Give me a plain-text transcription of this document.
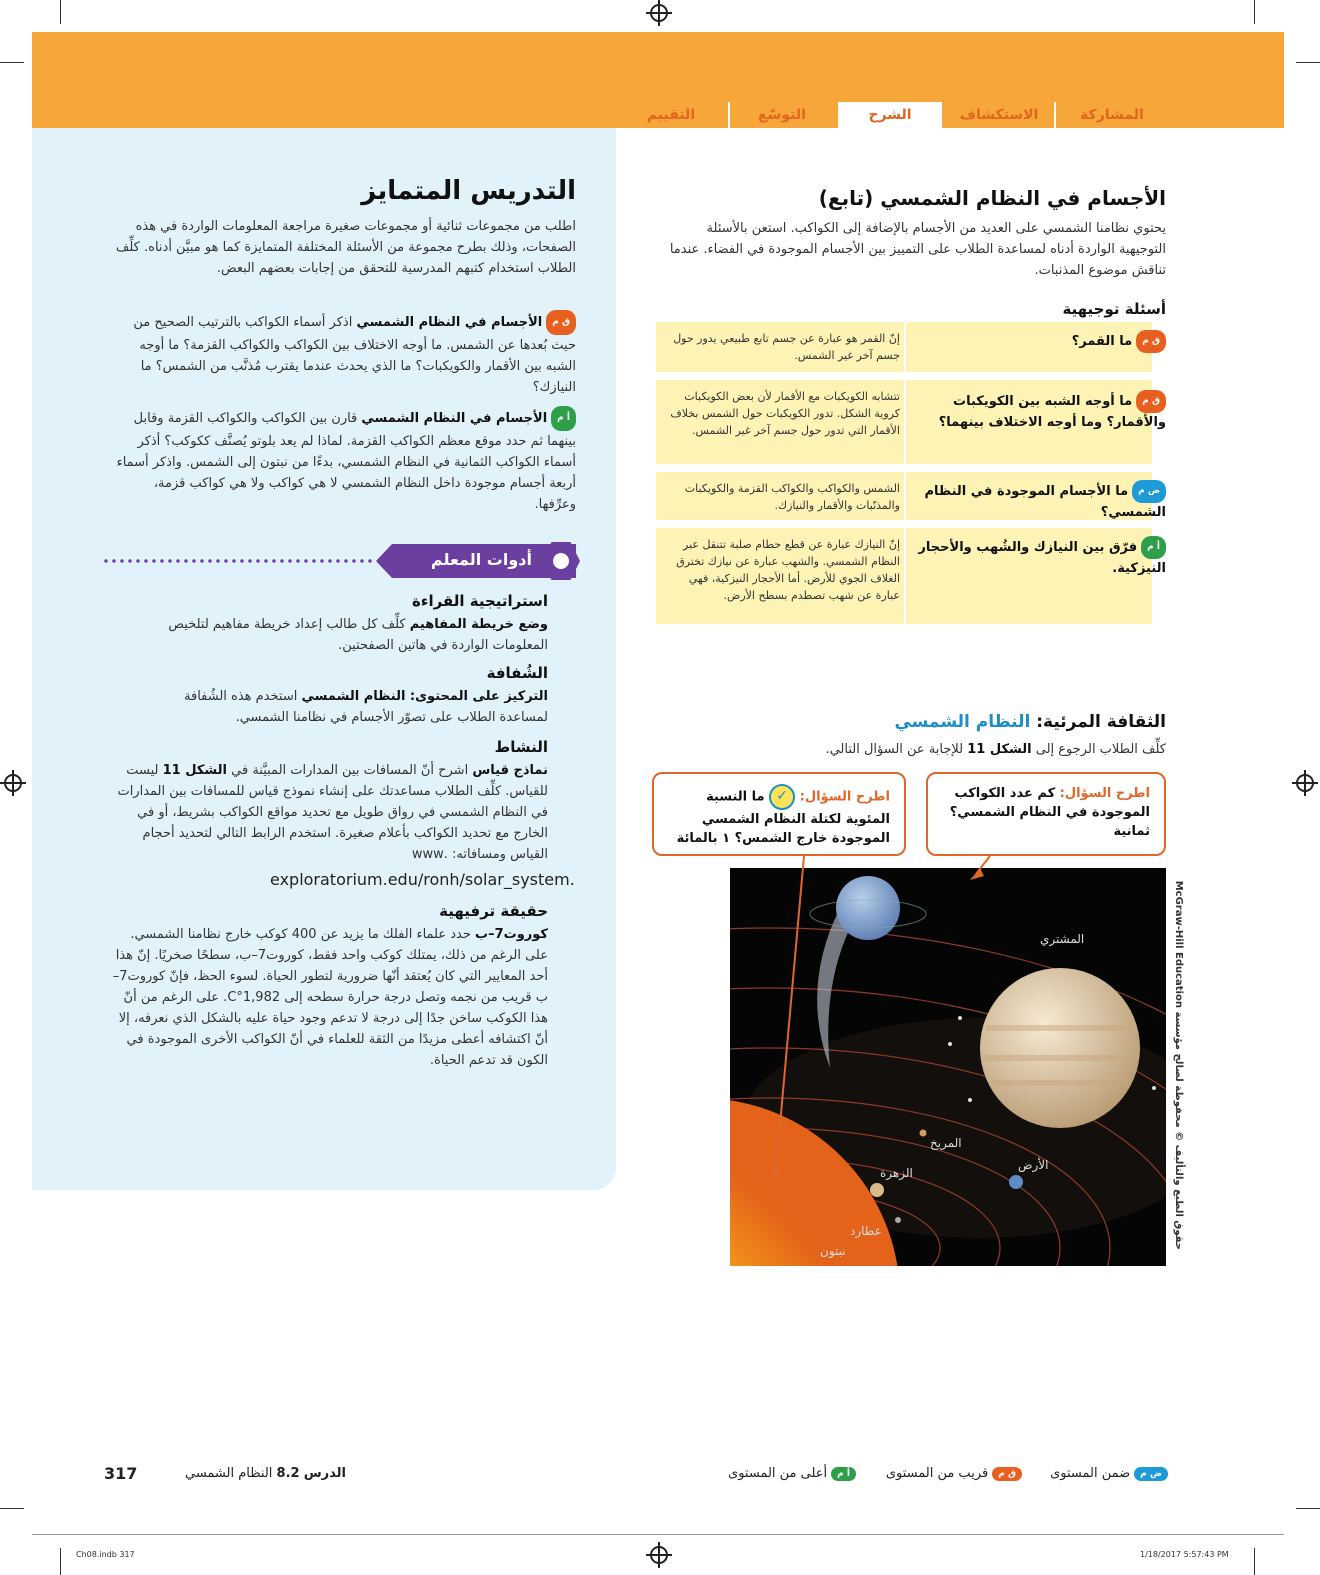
المشاركة
الاستكشاف
الشرح
التوسّع
التقييم
التدريس المتمايز
اطلب من مجموعات ثنائية أو مجموعات صغيرة مراجعة المعلومات الواردة في هذه الصفحات، وذلك بطرح مجموعة من الأسئلة المختلفة المتمايزة كما هو مبيَّن أدناه. كلِّف الطلاب استخدام كتبهم المدرسية للتحقق من إجابات بعضهم البعض.
ق مالأجسام في النظام الشمسي اذكر أسماء الكواكب بالترتيب الصحيح من حيث بُعدها عن الشمس. ما أوجه الاختلاف بين الكواكب والكواكب القزمة؟ ما أوجه الشبه بين الأقمار والكويكبات؟ ما الذي يحدث عندما يقترب مُذنَّب من الشمس؟ ما النيازك؟
أ مالأجسام في النظام الشمسي قارن بين الكواكب والكواكب القزمة وقابل بينهما ثم حدد موقع معظم الكواكب القزمة. لماذا لم يعد بلوتو يُصنَّف ككوكب؟ أذكر أسماء الكواكب الثمانية في النظام الشمسي، بدءًا من نبتون إلى الشمس. واذكر أسماء أربعة أجسام موجودة داخل النظام الشمسي لا هي كواكب ولا هي كواكب قزمة، وعرِّفها.
أدوات المعلم
استراتيجية القراءة
وضع خريطة المفاهيم كلِّف كل طالب إعداد خريطة مفاهيم لتلخيص المعلومات الواردة في هاتين الصفحتين.
الشُفافة
التركيز على المحتوى: النظام الشمسي استخدم هذه الشُفافة لمساعدة الطلاب على تصوّر الأجسام في نظامنا الشمسي.
النشاط
نماذج قياس اشرح أنّ المسافات بين المدارات المبيَّنة في الشكل 11 ليست للقياس. كلِّف الطلاب مساعدتك على إنشاء نموذج قياس للمسافات بين المدارات في النظام الشمسي في رواق طويل مع تحديد مواقع الكواكب بشريط، أو في الخارج مع تحديد الكواكب بأعلام صغيرة. استخدم الرابط التالي لتحديد أحجام القياس ومسافاته: .www
exploratorium.edu/ronh/solar_system.
حقيقة ترفيهية
كوروت7–ب حدد علماء الفلك ما يزيد عن 400 كوكب خارج نظامنا الشمسي. على الرغم من ذلك، يمتلك كوكب واحد فقط، كوروت7–ب، سطحًا صخريًا. إنّ هذا أحد المعايير التي كان يُعتقد أنّها ضرورية لتطور الحياة. لسوء الحظ، فإنّ كوروت7–ب قريب من نجمه وتصل درجة حرارة سطحه إلى 1,982°C. على الرغم من أنّ هذا الكوكب ساخن جدًا إلى درجة لا تدعم وجود حياة عليه بالشكل الذي نعرفه، إلا أنّ اكتشافه أعطى مزيدًا من الثقة للعلماء في أنّ الكواكب الأخرى الموجودة في الكون قد تدعم الحياة.
الأجسام في النظام الشمسي (تابع)
يحتوي نظامنا الشمسي على العديد من الأجسام بالإضافة إلى الكواكب. استعن بالأسئلة التوجيهية الواردة أدناه لمساعدة الطلاب على التمييز بين الأجسام الموجودة في الفضاء. عندما تناقش موضوع المذنبات.
أسئلة توجيهية
ق مما القمر؟
إنّ القمر هو عبارة عن جسم تابع طبيعي يدور حول جسم آخر غير الشمس.
ق مما أوجه الشبه بين الكويكبات والأقمار؟ وما أوجه الاختلاف بينهما؟
تتشابه الكويكبات مع الأقمار لأن بعض الكويكبات كروية الشكل. تدور الكويكبات حول الشمس بخلاف الأقمار التي تدور حول جسم آخر غير الشمس.
ض مما الأجسام الموجودة في النظام الشمسي؟
الشمس والكواكب والكواكب القزمة والكويكبات والمذنّبات والأقمار والنيازك.
أ مفرّق بين النيازك والشُهب والأحجار النيزكية.
إنّ النيازك عبارة عن قطع حطام صلبة تتنقل عبر النظام الشمسي. والشهب عبارة عن نيازك تخترق الغلاف الجوي للأرض. أما الأحجار النيزكية، فهي عبارة عن شهب تصطدم بسطح الأرض.
الثقافة المرئية: النظام الشمسي
كلِّف الطلاب الرجوع إلى الشكل 11 للإجابة عن السؤال التالي.
اطرح السؤال: كم عدد الكواكب الموجودة في النظام الشمسي؟ ثمانية
اطرح السؤال: ✓ ما النسبة المئوية لكتلة النظام الشمسي الموجودة خارج الشمس؟ ١ بالمائة
نبتون
المشتري
المريخ
الأرض
الزهرة
عطارد
حقوق الطبع والتأليف © محفوظة لصالح مؤسسة McGraw-Hill Education
ض مضمن المستوى
ق مقريب من المستوى
أ مأعلى من المستوى
الدرس 8.2 النظام الشمسي
317
Ch08.indb 317	1/18/2017 5:57:43 PM
